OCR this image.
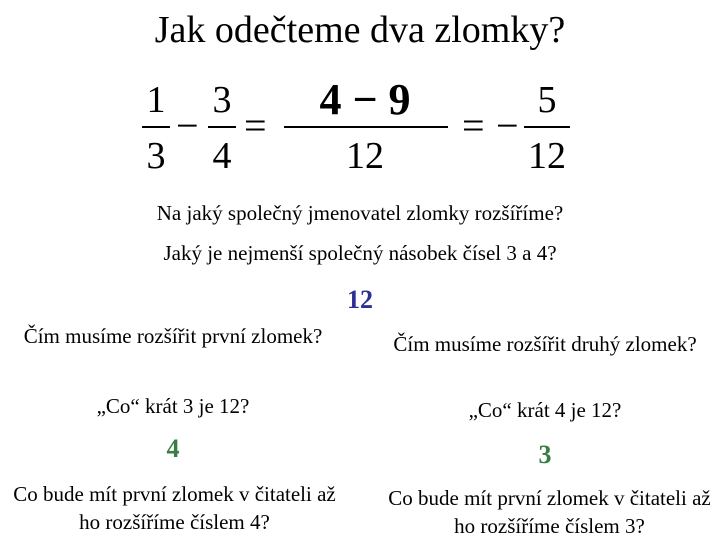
Jak odečteme dva zlomky?
1
3
−
3
4
=
4 − 9
12
= −
5
12
Na jaký společný jmenovatel zlomky rozšíříme?
Jaký je nejmenší společný násobek čísel 3 a 4?
12
Čím musíme rozšířit první zlomek?
„Co“ krát 3 je 12?
4
Co bude mít první zlomek v čitateli až ho rozšíříme číslem 4?
Čím musíme rozšířit druhý zlomek?
„Co“ krát 4 je 12?
3
Co bude mít první zlomek v čitateli až ho rozšíříme číslem 3?
